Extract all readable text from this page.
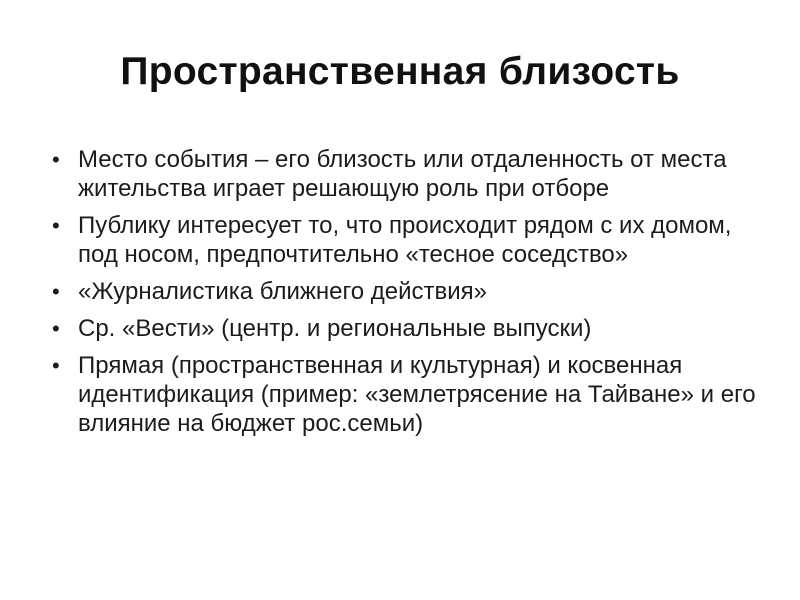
Пространственная близость
• Место события – его близость или отдаленность от места жительства играет решающую роль при отборе
• Публику интересует то, что происходит рядом с их домом, под носом, предпочтительно «тесное соседство»
• «Журналистика ближнего действия»
• Ср. «Вести» (центр. и региональные выпуски)
• Прямая (пространственная и культурная) и косвенная идентификация (пример: «землетрясение на Тайване» и его влияние на бюджет рос.семьи)
